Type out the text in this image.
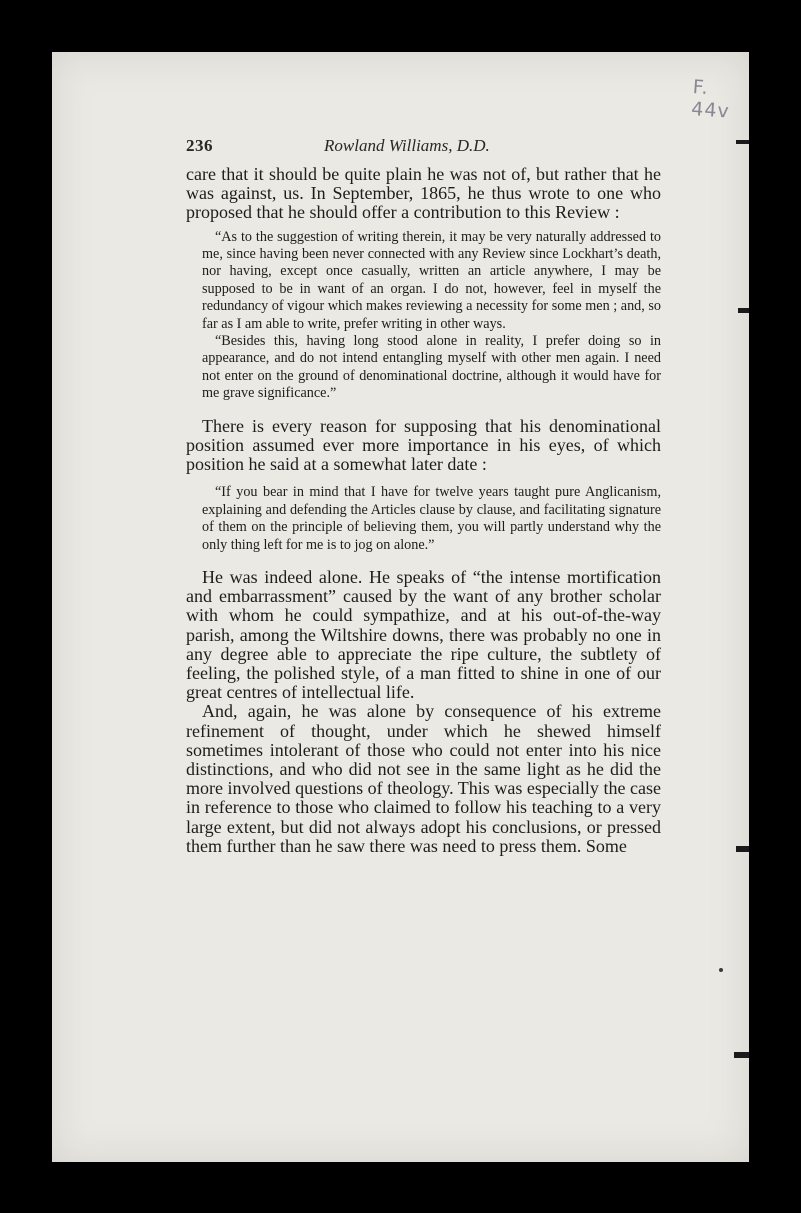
F. 44v
236	Rowland Williams, D.D.

care that it should be quite plain he was not of, but rather that he was against, us. In September, 1865, he thus wrote to one who proposed that he should offer a contribution to this Review :

“As to the suggestion of writing therein, it may be very naturally addressed to me, since having been never connected with any Review since Lockhart’s death, nor having, except once casually, written an article anywhere, I may be supposed to be in want of an organ. I do not, however, feel in myself the redundancy of vigour which makes reviewing a necessity for some men ; and, so far as I am able to write, prefer writing in other ways.

“Besides this, having long stood alone in reality, I prefer doing so in appearance, and do not intend entangling myself with other men again. I need not enter on the ground of denominational doctrine, although it would have for me grave significance.”

There is every reason for supposing that his denominational position assumed ever more importance in his eyes, of which position he said at a somewhat later date :

“If you bear in mind that I have for twelve years taught pure Anglicanism, explaining and defending the Articles clause by clause, and facilitating signature of them on the principle of believing them, you will partly understand why the only thing left for me is to jog on alone.”

He was indeed alone. He speaks of “the intense mortification and embarrassment” caused by the want of any brother scholar with whom he could sympathize, and at his out-of-the-way parish, among the Wiltshire downs, there was probably no one in any degree able to appreciate the ripe culture, the subtlety of feeling, the polished style, of a man fitted to shine in one of our great centres of intellectual life.

And, again, he was alone by consequence of his extreme refinement of thought, under which he shewed himself sometimes intolerant of those who could not enter into his nice distinctions, and who did not see in the same light as he did the more involved questions of theology. This was especially the case in reference to those who claimed to follow his teaching to a very large extent, but did not always adopt his conclusions, or pressed them further than he saw there was need to press them. Some
